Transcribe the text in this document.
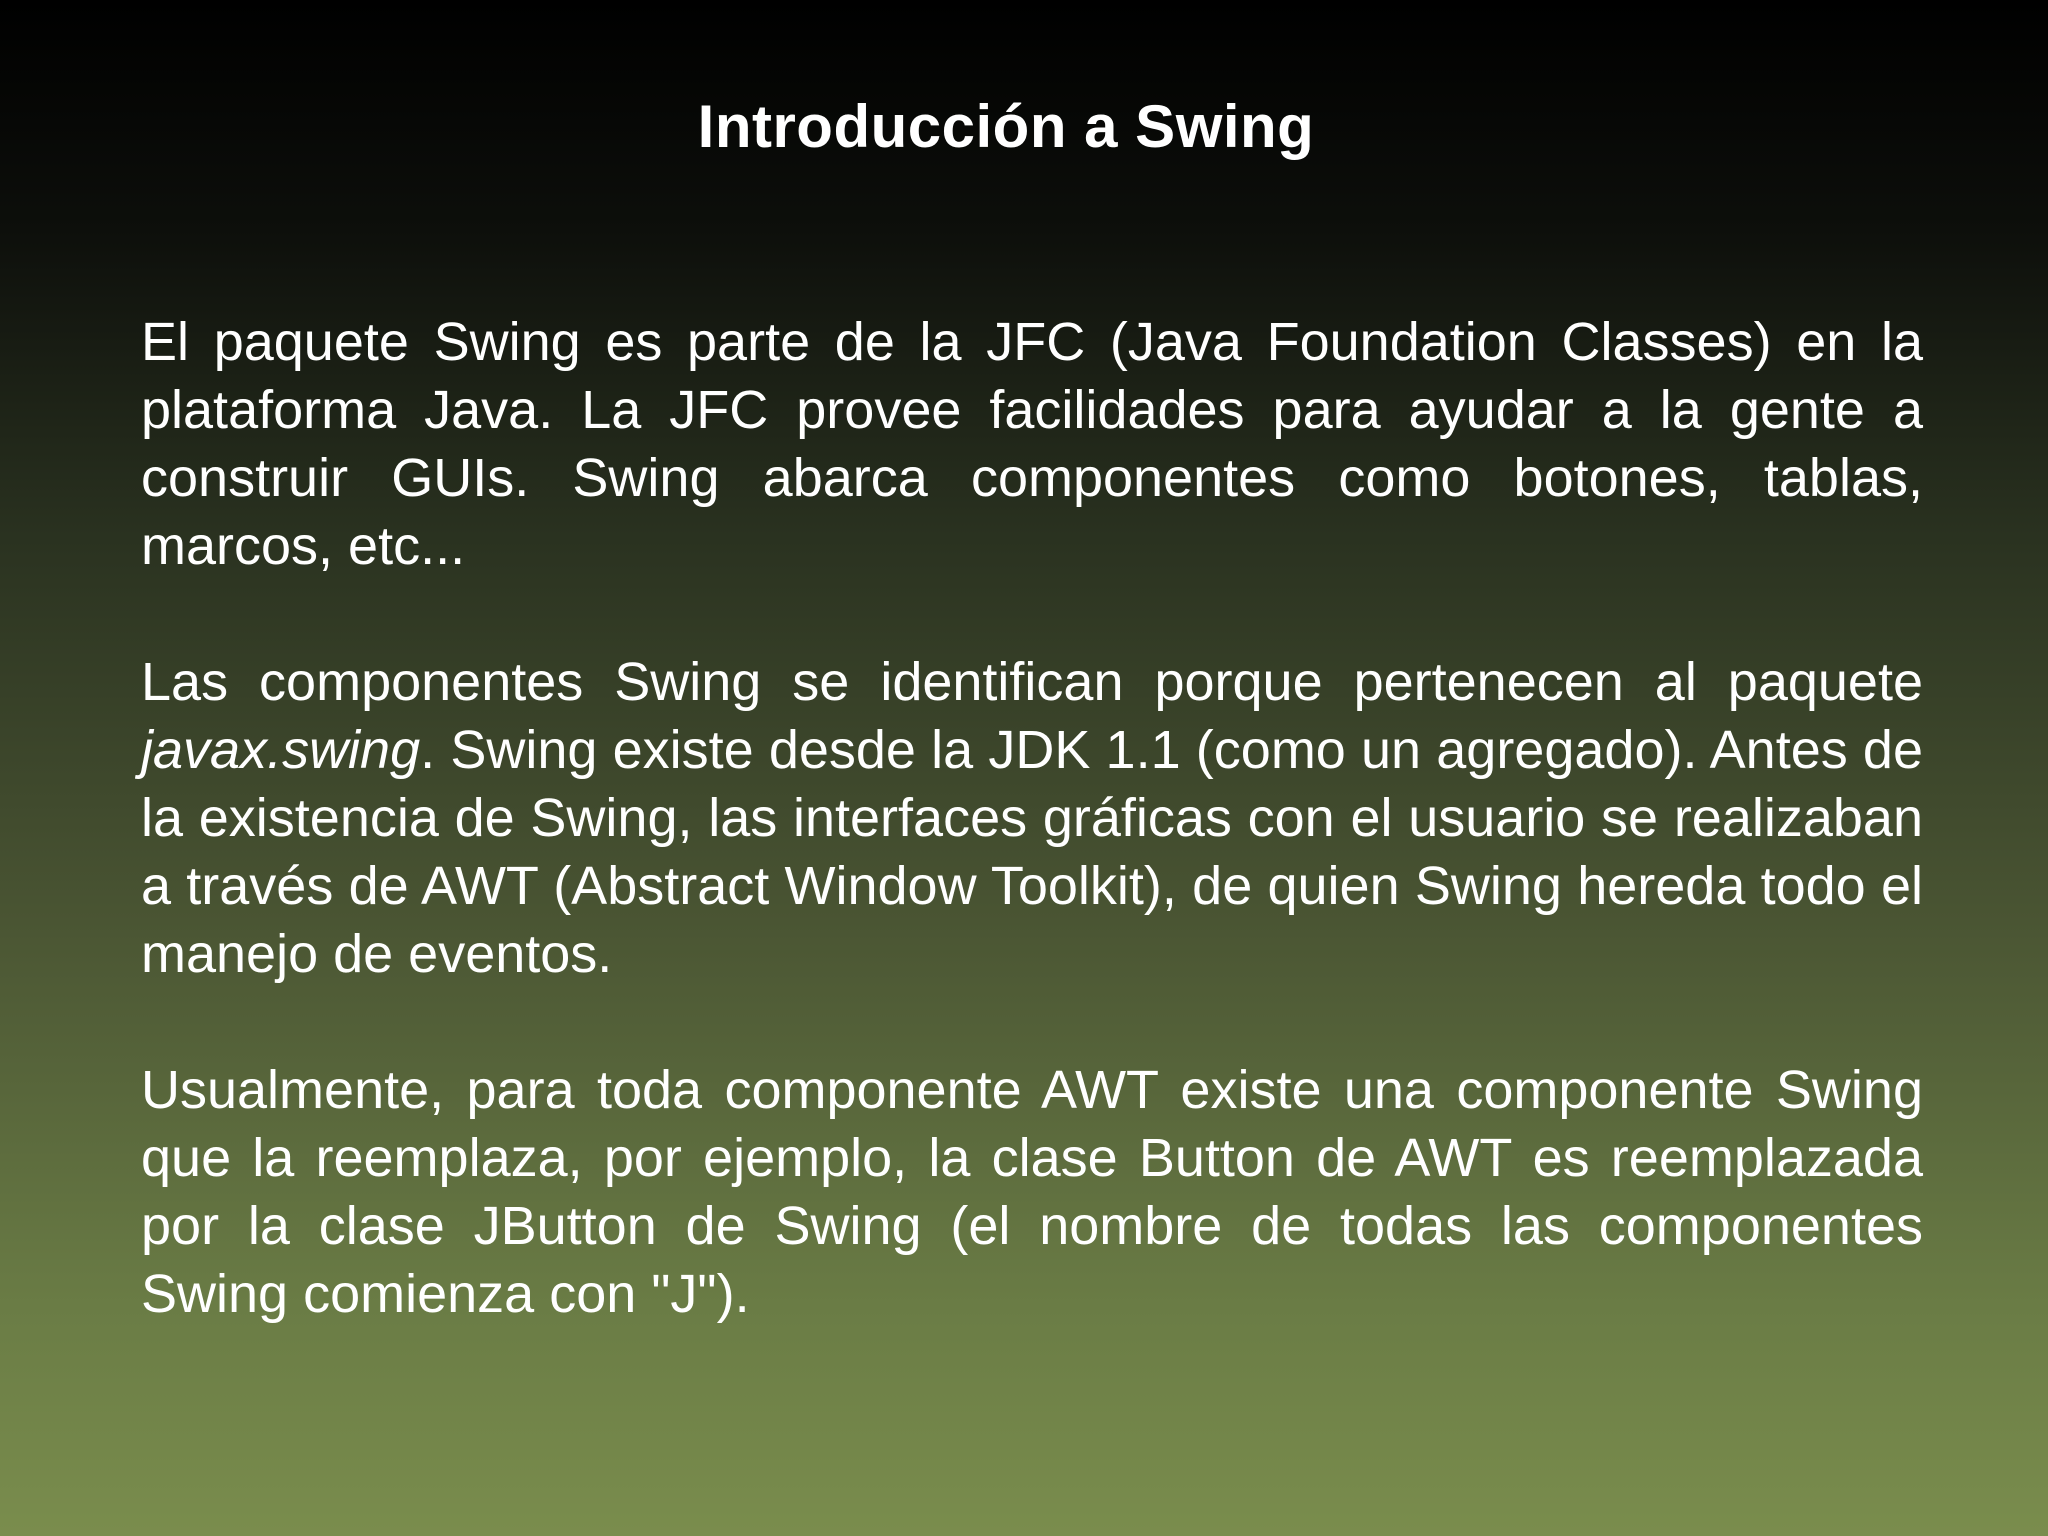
Introducción a Swing

El paquete Swing es parte de la JFC (Java Foundation Classes) en la plataforma Java. La JFC provee facilidades para ayudar a la gente a construir GUIs. Swing abarca componentes como botones, tablas, marcos, etc...

Las componentes Swing se identifican porque pertenecen al paquete javax.swing. Swing existe desde la JDK 1.1 (como un agregado). Antes de la existencia de Swing, las interfaces gráficas con el usuario se realizaban a través de AWT (Abstract Window Toolkit), de quien Swing hereda todo el manejo de eventos.

Usualmente, para toda componente AWT existe una componente Swing que la reemplaza, por ejemplo, la clase Button de AWT es reemplazada por la clase JButton de Swing (el nombre de todas las componentes Swing comienza con "J").
